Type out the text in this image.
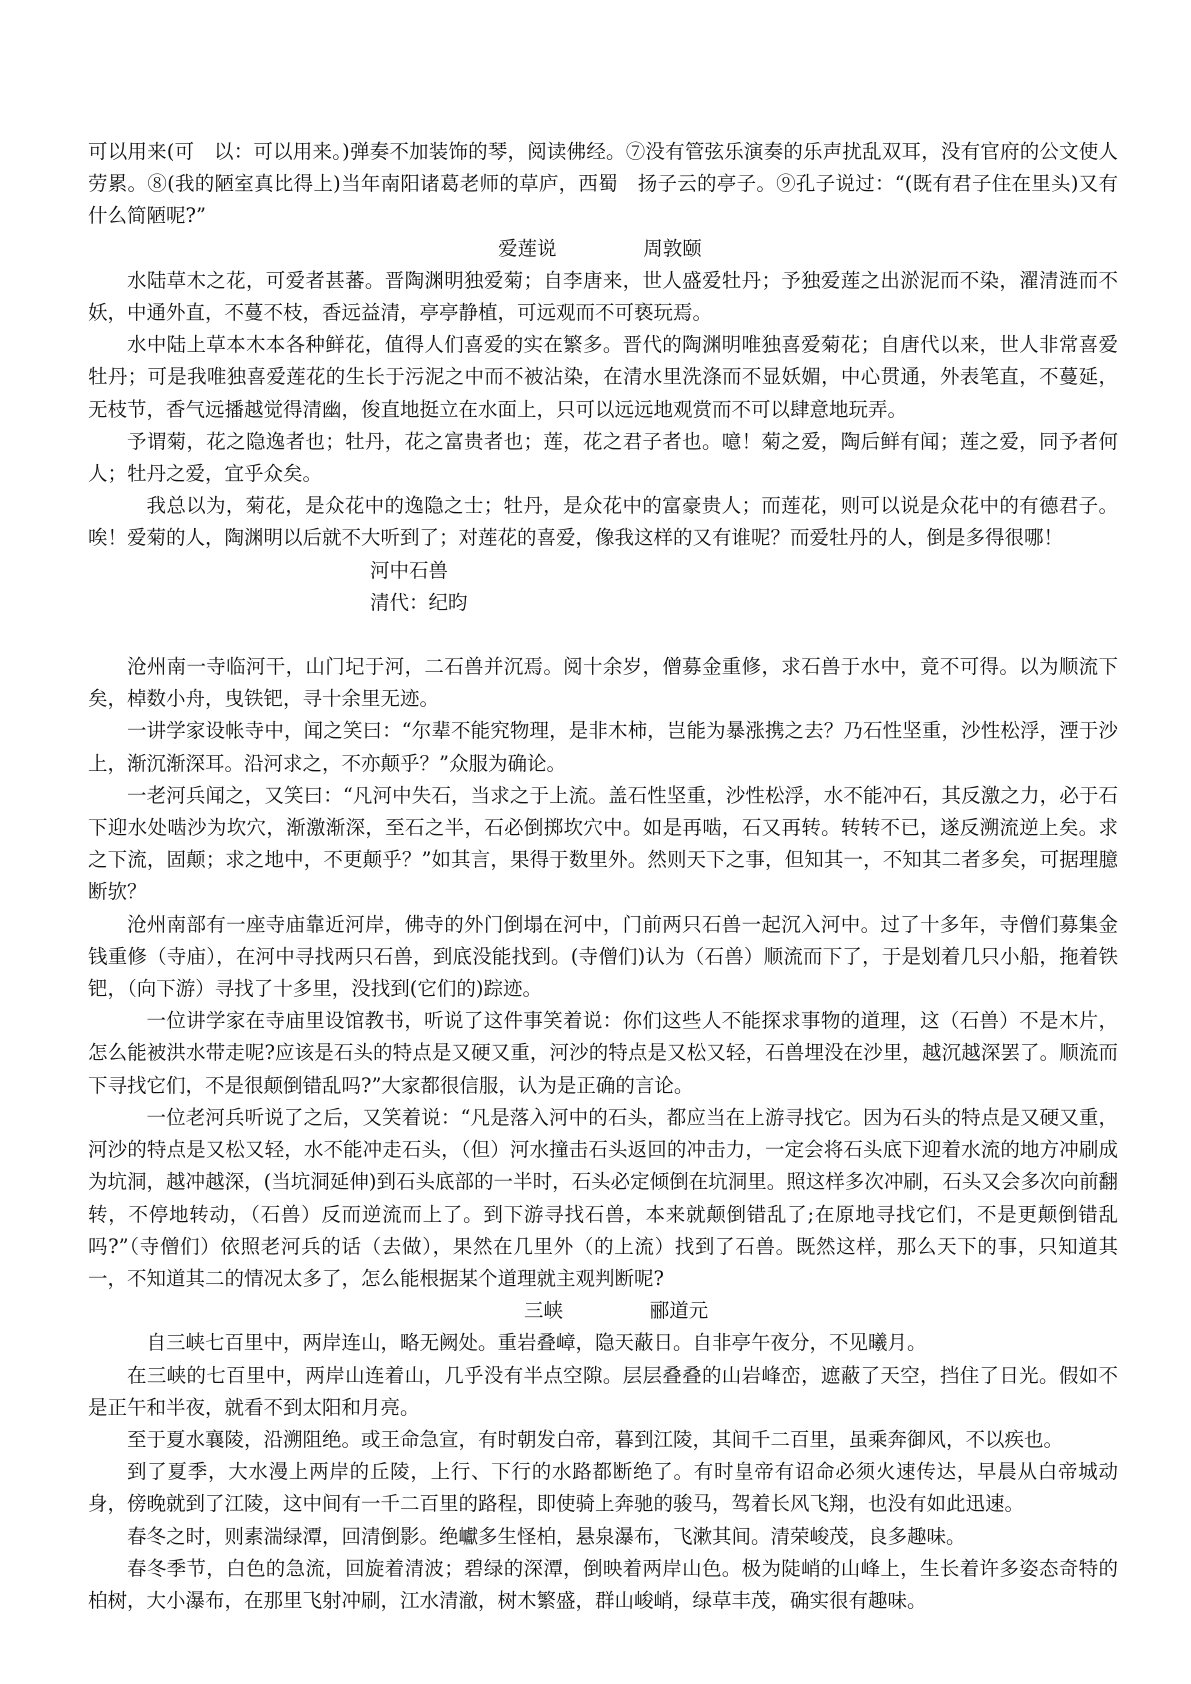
可以用来(可　以：可以用来。)弹奏不加装饰的琴，阅读佛经。⑦没有管弦乐演奏的乐声扰乱双耳，没有官府的公文使人劳累。⑧(我的陋室真比得上)当年南阳诸葛老师的草庐，西蜀　扬子云的亭子。⑨孔子说过：“(既有君子住在里头)又有什么简陋呢?”

爱莲说	周敦颐

水陆草木之花，可爱者甚蕃。晋陶渊明独爱菊；自李唐来，世人盛爱牡丹；予独爱莲之出淤泥而不染，濯清涟而不妖，中通外直，不蔓不枝，香远益清，亭亭静植，可远观而不可亵玩焉。

水中陆上草本木本各种鲜花，值得人们喜爱的实在繁多。晋代的陶渊明唯独喜爱菊花；自唐代以来，世人非常喜爱牡丹；可是我唯独喜爱莲花的生长于污泥之中而不被沾染，在清水里洗涤而不显妖媚，中心贯通，外表笔直，不蔓延，无枝节，香气远播越觉得清幽，俊直地挺立在水面上，只可以远远地观赏而不可以肆意地玩弄。

予谓菊，花之隐逸者也；牡丹，花之富贵者也；莲，花之君子者也。噫！菊之爱，陶后鲜有闻；莲之爱，同予者何人；牡丹之爱，宜乎众矣。

我总以为，菊花，是众花中的逸隐之士；牡丹，是众花中的富豪贵人；而莲花，则可以说是众花中的有德君子。唉！爱菊的人，陶渊明以后就不大听到了；对莲花的喜爱，像我这样的又有谁呢？而爱牡丹的人，倒是多得很哪！

河中石兽

清代：纪昀

沧州南一寺临河干，山门圮于河，二石兽并沉焉。阅十余岁，僧募金重修，求石兽于水中，竟不可得。以为顺流下矣，棹数小舟，曳铁钯，寻十余里无迹。

一讲学家设帐寺中，闻之笑曰：“尔辈不能究物理，是非木柿，岂能为暴涨携之去？乃石性坚重，沙性松浮，湮于沙上，渐沉渐深耳。沿河求之，不亦颠乎？”众服为确论。

一老河兵闻之，又笑曰：“凡河中失石，当求之于上流。盖石性坚重，沙性松浮，水不能冲石，其反激之力，必于石下迎水处啮沙为坎穴，渐激渐深，至石之半，石必倒掷坎穴中。如是再啮，石又再转。转转不已，遂反溯流逆上矣。求之下流，固颠；求之地中，不更颠乎？”如其言，果得于数里外。然则天下之事，但知其一，不知其二者多矣，可据理臆断欤？

沧州南部有一座寺庙靠近河岸，佛寺的外门倒塌在河中，门前两只石兽一起沉入河中。过了十多年，寺僧们募集金钱重修（寺庙），在河中寻找两只石兽，到底没能找到。(寺僧们)认为（石兽）顺流而下了，于是划着几只小船，拖着铁钯，（向下游）寻找了十多里，没找到(它们的)踪迹。

一位讲学家在寺庙里设馆教书，听说了这件事笑着说：你们这些人不能探求事物的道理，这（石兽）不是木片，怎么能被洪水带走呢?应该是石头的特点是又硬又重，河沙的特点是又松又轻，石兽埋没在沙里，越沉越深罢了。顺流而下寻找它们，不是很颠倒错乱吗?”大家都很信服，认为是正确的言论。

一位老河兵听说了之后，又笑着说：“凡是落入河中的石头，都应当在上游寻找它。因为石头的特点是又硬又重，河沙的特点是又松又轻，水不能冲走石头，（但）河水撞击石头返回的冲击力，一定会将石头底下迎着水流的地方冲刷成为坑洞，越冲越深，(当坑洞延伸)到石头底部的一半时，石头必定倾倒在坑洞里。照这样多次冲刷，石头又会多次向前翻转，不停地转动，（石兽）反而逆流而上了。到下游寻找石兽，本来就颠倒错乱了;在原地寻找它们，不是更颠倒错乱吗?”（寺僧们）依照老河兵的话（去做），果然在几里外（的上流）找到了石兽。既然这样，那么天下的事，只知道其一，不知道其二的情况太多了，怎么能根据某个道理就主观判断呢?

三峡	郦道元

自三峡七百里中，两岸连山，略无阙处。重岩叠嶂，隐天蔽日。自非亭午夜分，不见曦月。

在三峡的七百里中，两岸山连着山，几乎没有半点空隙。层层叠叠的山岩峰峦，遮蔽了天空，挡住了日光。假如不是正午和半夜，就看不到太阳和月亮。

至于夏水襄陵，沿溯阻绝。或王命急宣，有时朝发白帝，暮到江陵，其间千二百里，虽乘奔御风，不以疾也。

到了夏季，大水漫上两岸的丘陵，上行、下行的水路都断绝了。有时皇帝有诏命必须火速传达，早晨从白帝城动身，傍晚就到了江陵，这中间有一千二百里的路程，即使骑上奔驰的骏马，驾着长风飞翔，也没有如此迅速。

春冬之时，则素湍绿潭，回清倒影。绝巘多生怪柏，悬泉瀑布，飞漱其间。清荣峻茂，良多趣味。

春冬季节，白色的急流，回旋着清波；碧绿的深潭，倒映着两岸山色。极为陡峭的山峰上，生长着许多姿态奇特的柏树，大小瀑布，在那里飞射冲刷，江水清澈，树木繁盛，群山峻峭，绿草丰茂，确实很有趣味。
